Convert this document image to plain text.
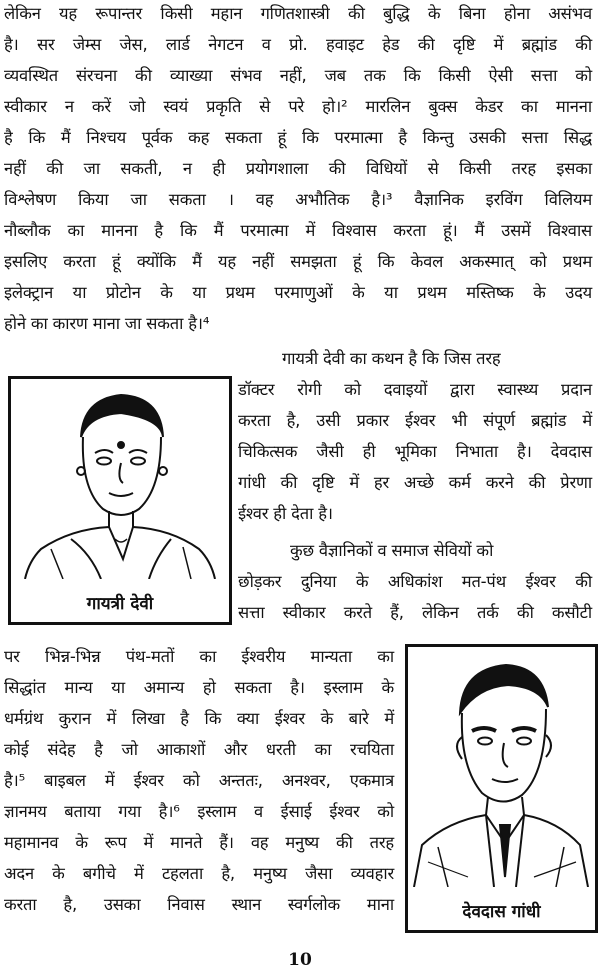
लेकिन यह रूपान्तर किसी महान गणितशास्त्री की बुद्धि के बिना होना असंभव
है। सर जेम्स जेस, लार्ड नेगटन व प्रो. हवाइट हेड की दृष्टि में ब्रह्मांड की
व्यवस्थित संरचना की व्याख्या संभव नहीं, जब तक कि किसी ऐसी सत्ता को
स्वीकार न करें जो स्वयं प्रकृति से परे हो।² मारलिन बुक्स केडर का मानना
है कि मैं निश्चय पूर्वक कह सकता हूं कि परमात्मा है किन्तु उसकी सत्ता सिद्ध
नहीं की जा सकती, न ही प्रयोगशाला की विधियों से किसी तरह इसका
विश्लेषण किया जा सकता । वह अभौतिक है।³ वैज्ञानिक इरविंग विलियम
नौब्लौक का मानना है कि मैं परमात्मा में विश्वास करता हूं। मैं उसमें विश्वास
इसलिए करता हूं क्योंकि मैं यह नहीं समझता हूं कि केवल अकस्मात् को प्रथम
इलेक्ट्रान या प्रोटोन के या प्रथम परमाणुओं के या प्रथम मस्तिष्क के उदय
होने का कारण माना जा सकता है।⁴
गायत्री देवी
गायत्री देवी का कथन है कि जिस तरह
डॉक्टर रोगी को दवाइयों द्वारा स्वास्थ्य प्रदान
करता है, उसी प्रकार ईश्वर भी संपूर्ण ब्रह्मांड में
चिकित्सक जैसी ही भूमिका निभाता है। देवदास
गांधी की दृष्टि में हर अच्छे कर्म करने की प्रेरणा
ईश्वर ही देता है।
कुछ वैज्ञानिकों व समाज सेवियों को
छोड़कर दुनिया के अधिकांश मत-पंथ ईश्वर की
सत्ता स्वीकार करते हैं, लेकिन तर्क की कसौटी
पर भिन्न-भिन्न पंथ-मतों का ईश्वरीय मान्यता का
सिद्धांत मान्य या अमान्य हो सकता है। इस्लाम के
धर्मग्रंथ कुरान में लिखा है कि क्या ईश्वर के बारे में
कोई संदेह है जो आकाशों और धरती का रचयिता
है।⁵ बाइबल में ईश्वर को अन्ततः, अनश्वर, एकमात्र
ज्ञानमय बताया गया है।⁶ इस्लाम व ईसाई ईश्वर को
महामानव के रूप में मानते हैं। वह मनुष्य की तरह
अदन के बगीचे में टहलता है, मनुष्य जैसा व्यवहार
करता है, उसका निवास स्थान स्वर्गलोक माना	देवदास गांधी
10
